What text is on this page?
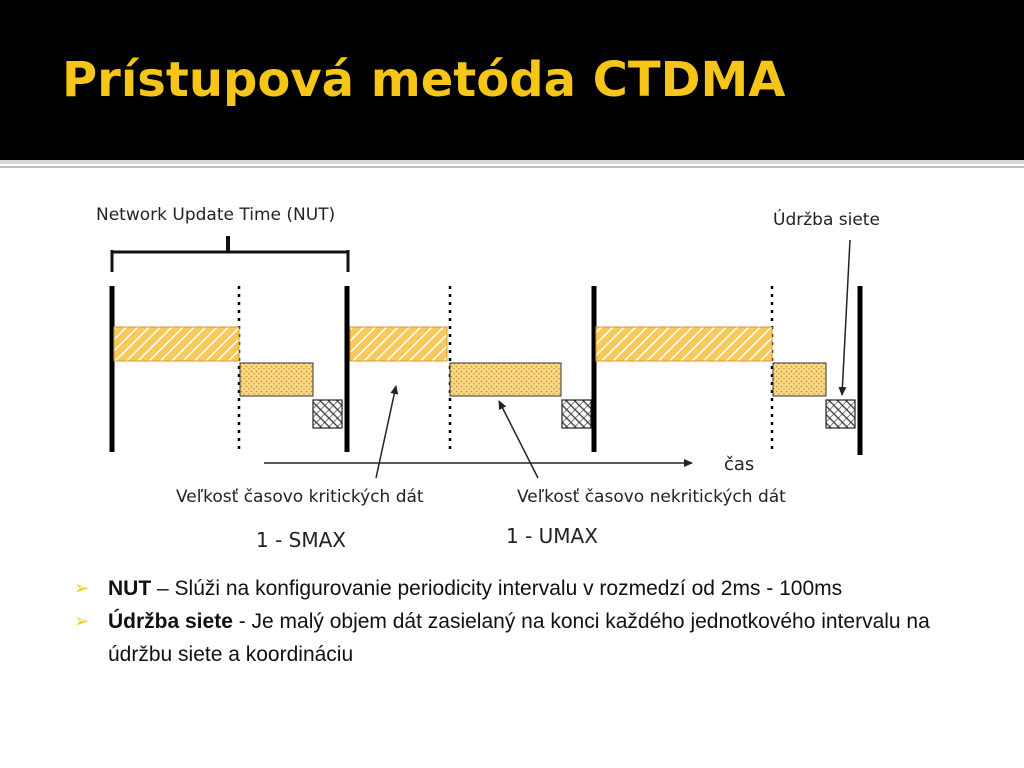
Prístupová metóda CTDMA
Network Update Time (NUT)	Údržba siete
čas
Veľkosť časovo kritických dát	Veľkosť časovo nekritických dát
1 - SMAX	1 - UMAX
➢ NUT – Slúži na konfigurovanie periodicity intervalu v rozmedzí od 2ms - 100ms
➢ Údržba siete - Je malý objem dát zasielaný na konci každého jednotkového intervalu na údržbu siete a koordináciu
